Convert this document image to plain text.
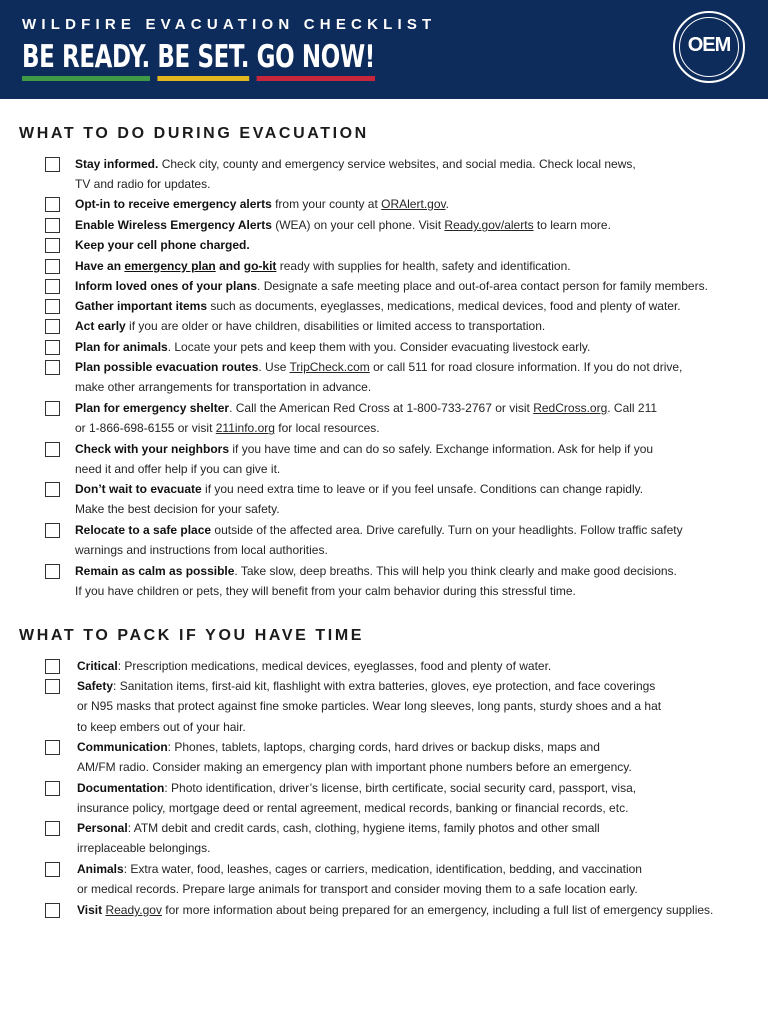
WILDFIRE EVACUATION CHECKLIST
BE READY. BE SET. GO NOW!	OEM
WHAT TO DO DURING EVACUATION
Stay informed. Check city, county and emergency service websites, and social media. Check local news,
TV and radio for updates.
Opt-in to receive emergency alerts from your county at ORAlert.gov.
Enable Wireless Emergency Alerts (WEA) on your cell phone. Visit Ready.gov/alerts to learn more.
Keep your cell phone charged.
Have an emergency plan and go-kit ready with supplies for health, safety and identification.
Inform loved ones of your plans. Designate a safe meeting place and out-of-area contact person for family members.
Gather important items such as documents, eyeglasses, medications, medical devices, food and plenty of water.
Act early if you are older or have children, disabilities or limited access to transportation.
Plan for animals. Locate your pets and keep them with you. Consider evacuating livestock early.
Plan possible evacuation routes. Use TripCheck.com or call 511 for road closure information. If you do not drive,
make other arrangements for transportation in advance.
Plan for emergency shelter. Call the American Red Cross at 1-800-733-2767 or visit RedCross.org. Call 211
or 1-866-698-6155 or visit 211info.org for local resources.
Check with your neighbors if you have time and can do so safely. Exchange information. Ask for help if you
need it and offer help if you can give it.
Don’t wait to evacuate if you need extra time to leave or if you feel unsafe. Conditions can change rapidly.
Make the best decision for your safety.
Relocate to a safe place outside of the affected area. Drive carefully. Turn on your headlights. Follow traffic safety
warnings and instructions from local authorities.
Remain as calm as possible. Take slow, deep breaths. This will help you think clearly and make good decisions.
If you have children or pets, they will benefit from your calm behavior during this stressful time.
WHAT TO PACK IF YOU HAVE TIME
Critical: Prescription medications, medical devices, eyeglasses, food and plenty of water.
Safety: Sanitation items, first-aid kit, flashlight with extra batteries, gloves, eye protection, and face coverings
or N95 masks that protect against fine smoke particles. Wear long sleeves, long pants, sturdy shoes and a hat
to keep embers out of your hair.
Communication: Phones, tablets, laptops, charging cords, hard drives or backup disks, maps and
AM/FM radio. Consider making an emergency plan with important phone numbers before an emergency.
Documentation: Photo identification, driver’s license, birth certificate, social security card, passport, visa,
insurance policy, mortgage deed or rental agreement, medical records, banking or financial records, etc.
Personal: ATM debit and credit cards, cash, clothing, hygiene items, family photos and other small
irreplaceable belongings.
Animals: Extra water, food, leashes, cages or carriers, medication, identification, bedding, and vaccination
or medical records. Prepare large animals for transport and consider moving them to a safe location early.
Visit Ready.gov for more information about being prepared for an emergency, including a full list of emergency supplies.
